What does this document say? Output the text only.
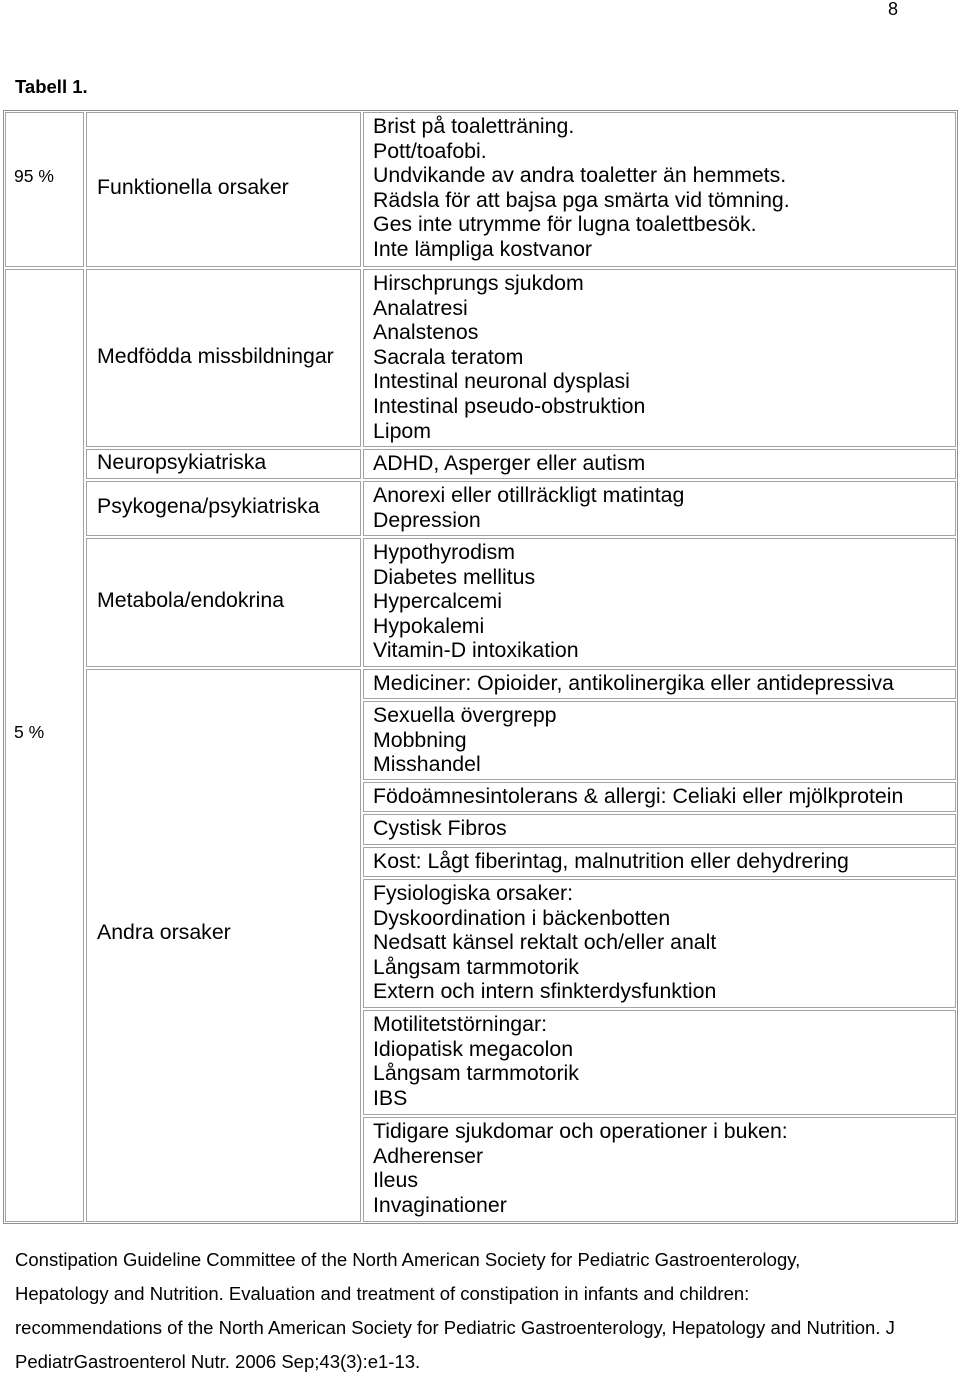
8
Tabell 1.
95 %
5 %
Funktionella orsaker
Medfödda missbildningar
Neuropsykiatriska
Psykogena/psykiatriska
Metabola/endokrina
Andra orsaker
Brist på toaletträning.
Pott/toafobi.
Undvikande av andra toaletter än hemmets.
Rädsla för att bajsa pga smärta vid tömning.
Ges inte utrymme för lugna toalettbesök.
Inte lämpliga kostvanor
Hirschprungs sjukdom
Analatresi
Analstenos
Sacrala teratom
Intestinal neuronal dysplasi
Intestinal pseudo-obstruktion
Lipom
ADHD, Asperger eller autism
Anorexi eller otillräckligt matintag
Depression
Hypothyrodism
Diabetes mellitus
Hypercalcemi
Hypokalemi
Vitamin-D intoxikation
Mediciner: Opioider, antikolinergika eller antidepressiva
Sexuella övergrepp
Mobbning
Misshandel
Födoämnesintolerans & allergi: Celiaki eller mjölkprotein
Cystisk Fibros
Kost: Lågt fiberintag, malnutrition eller dehydrering
Fysiologiska orsaker:
Dyskoordination i bäckenbotten
Nedsatt känsel rektalt och/eller analt
Långsam tarmmotorik
Extern och intern sfinkterdysfunktion
Motilitetstörningar:
Idiopatisk megacolon
Långsam tarmmotorik
IBS
Tidigare sjukdomar och operationer i buken:
Adherenser
Ileus
Invaginationer
Constipation Guideline Committee of the North American Society for Pediatric Gastroenterology,
Hepatology and Nutrition. Evaluation and treatment of constipation in infants and children:
recommendations of the North American Society for Pediatric Gastroenterology, Hepatology and Nutrition. J
PediatrGastroenterol Nutr. 2006 Sep;43(3):e1-13.
